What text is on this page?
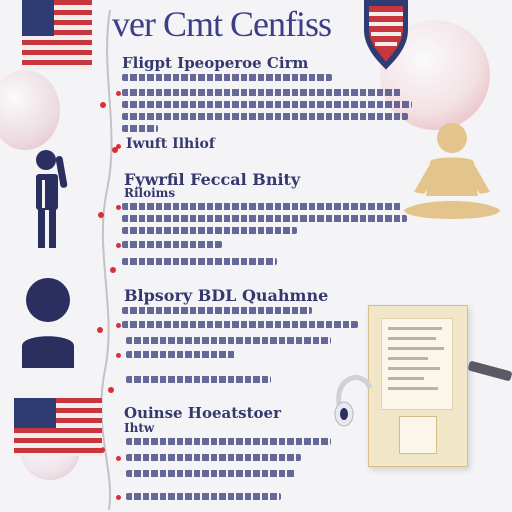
ver Cmt Cenfiss
Fligpt Ipeoperoe Cirm
Iwuft Ilhiof
Fywrfil Feccal Bnity
Riloims
Blpsory BDL Quahmne
Ouinse Hoeatstoer
Ihtw
